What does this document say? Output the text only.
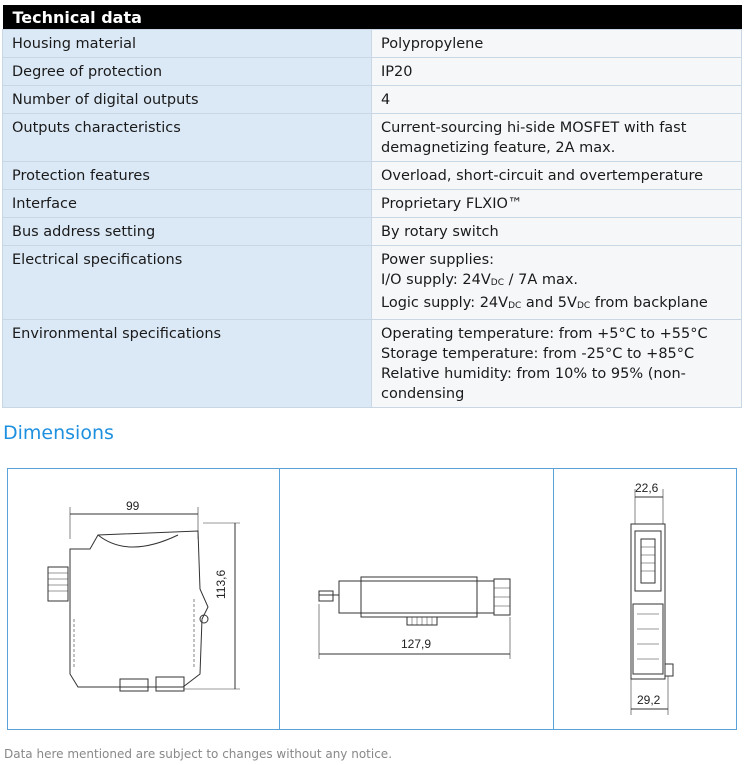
Technical data	
Housing material	Polypropylene
Degree of protection	IP20
Number of digital outputs	4
Outputs characteristics	Current-sourcing hi-side MOSFET with fast
demagnetizing feature, 2A max.

Protection features	Overload, short-circuit and overtemperature
Interface	Proprietary FLXIO™
Bus address setting	By rotary switch
Electrical specifications	Power supplies:
I/O supply: 24VDC / 7A max.
Logic supply: 24VDC and 5VDC from backplane

Environmental specifications	Operating temperature: from +5°C to +55°C
Storage temperature: from -25°C to +85°C
Relative humidity: from 10% to 95% (non-
condensing
Dimensions
99
113,6
127,9
22,6
29,2
Data here mentioned are subject to changes without any notice.
